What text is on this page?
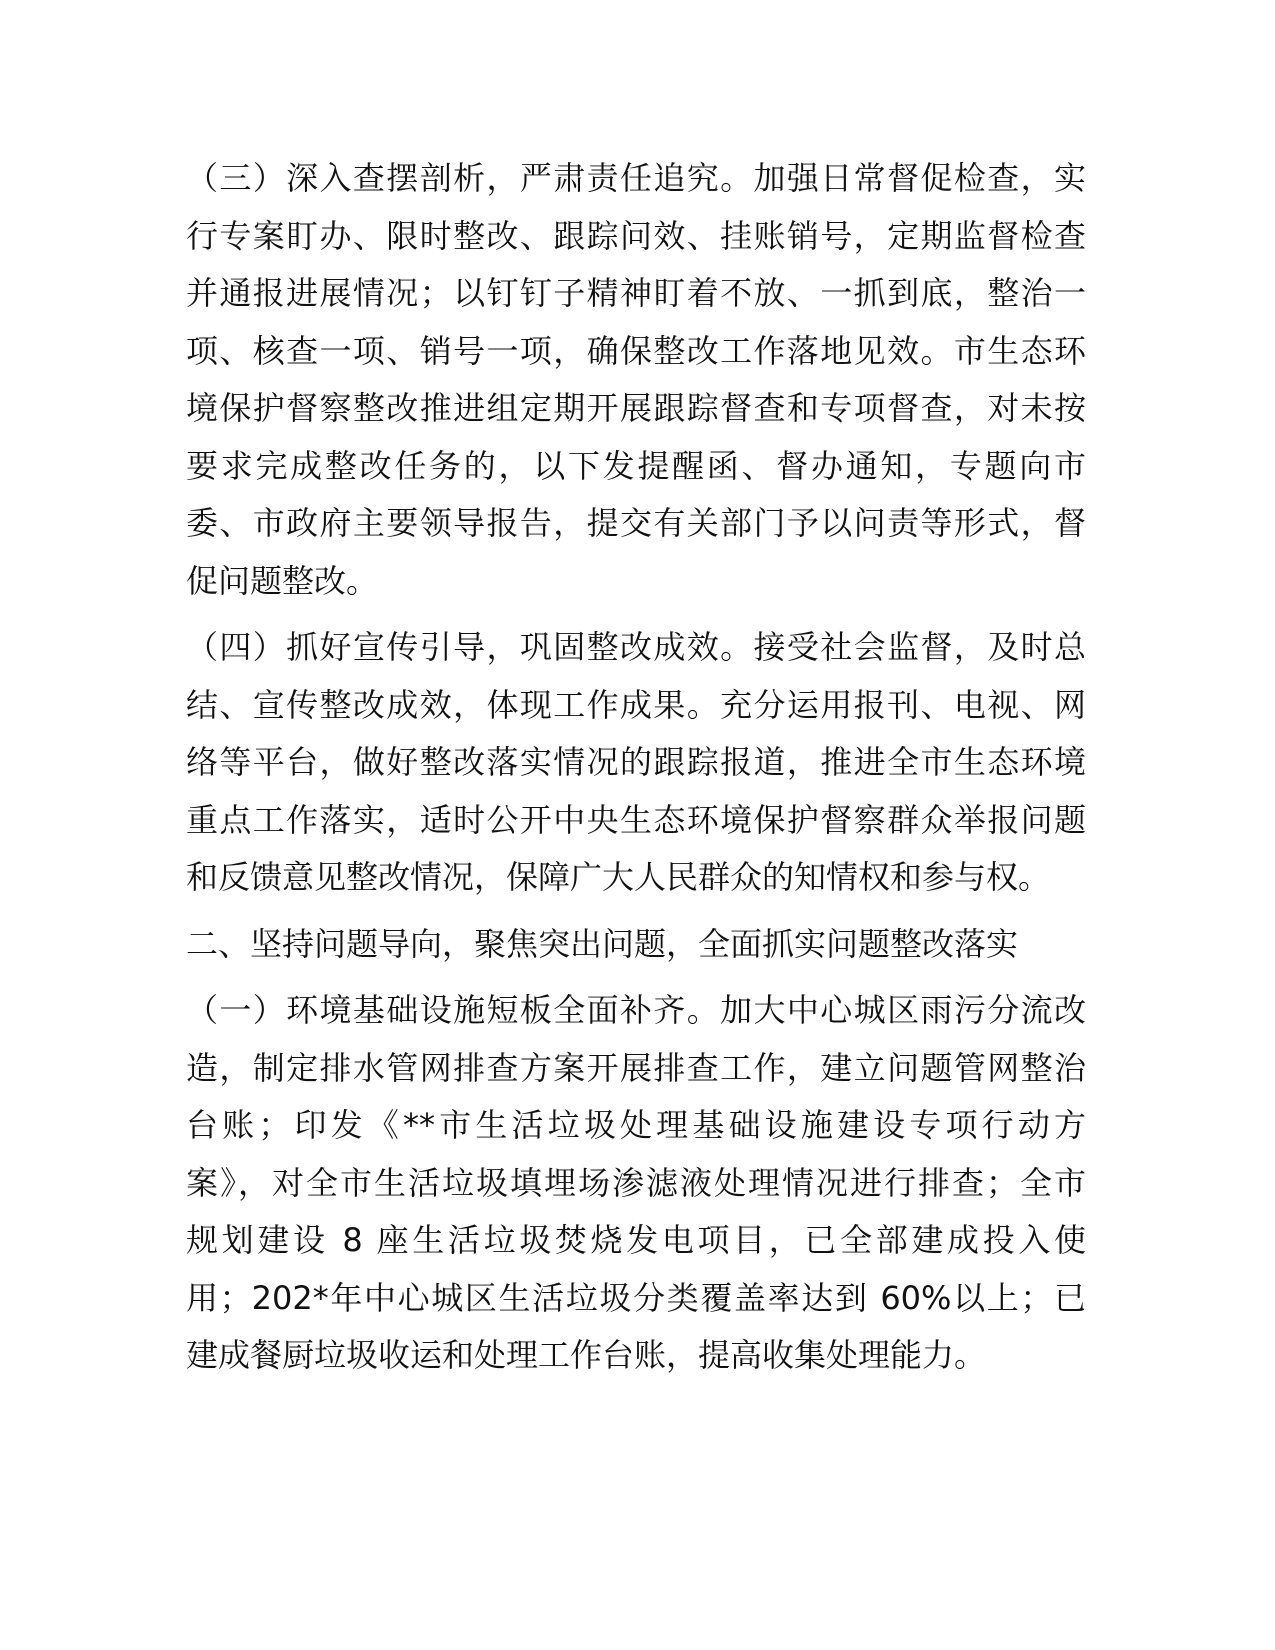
（三）深入查摆剖析，严肃责任追究。加强日常督促检查，实
行专案盯办、限时整改、跟踪问效、挂账销号，定期监督检查
并通报进展情况；以钉钉子精神盯着不放、一抓到底，整治一
项、核查一项、销号一项，确保整改工作落地见效。市生态环
境保护督察整改推进组定期开展跟踪督查和专项督查，对未按
要求完成整改任务的，以下发提醒函、督办通知，专题向市
委、市政府主要领导报告，提交有关部门予以问责等形式，督
促问题整改。

（四）抓好宣传引导，巩固整改成效。接受社会监督，及时总
结、宣传整改成效，体现工作成果。充分运用报刊、电视、网
络等平台，做好整改落实情况的跟踪报道，推进全市生态环境
重点工作落实，适时公开中央生态环境保护督察群众举报问题
和反馈意见整改情况，保障广大人民群众的知情权和参与权。

二、坚持问题导向，聚焦突出问题，全面抓实问题整改落实

（一）环境基础设施短板全面补齐。加大中心城区雨污分流改
造，制定排水管网排查方案开展排查工作，建立问题管网整治
台账；印发《**市生活垃圾处理基础设施建设专项行动方
案》，对全市生活垃圾填埋场渗滤液处理情况进行排查；全市
规划建设 8 座生活垃圾焚烧发电项目，已全部建成投入使
用；202*年中心城区生活垃圾分类覆盖率达到 60%以上；已
建成餐厨垃圾收运和处理工作台账，提高收集处理能力。
